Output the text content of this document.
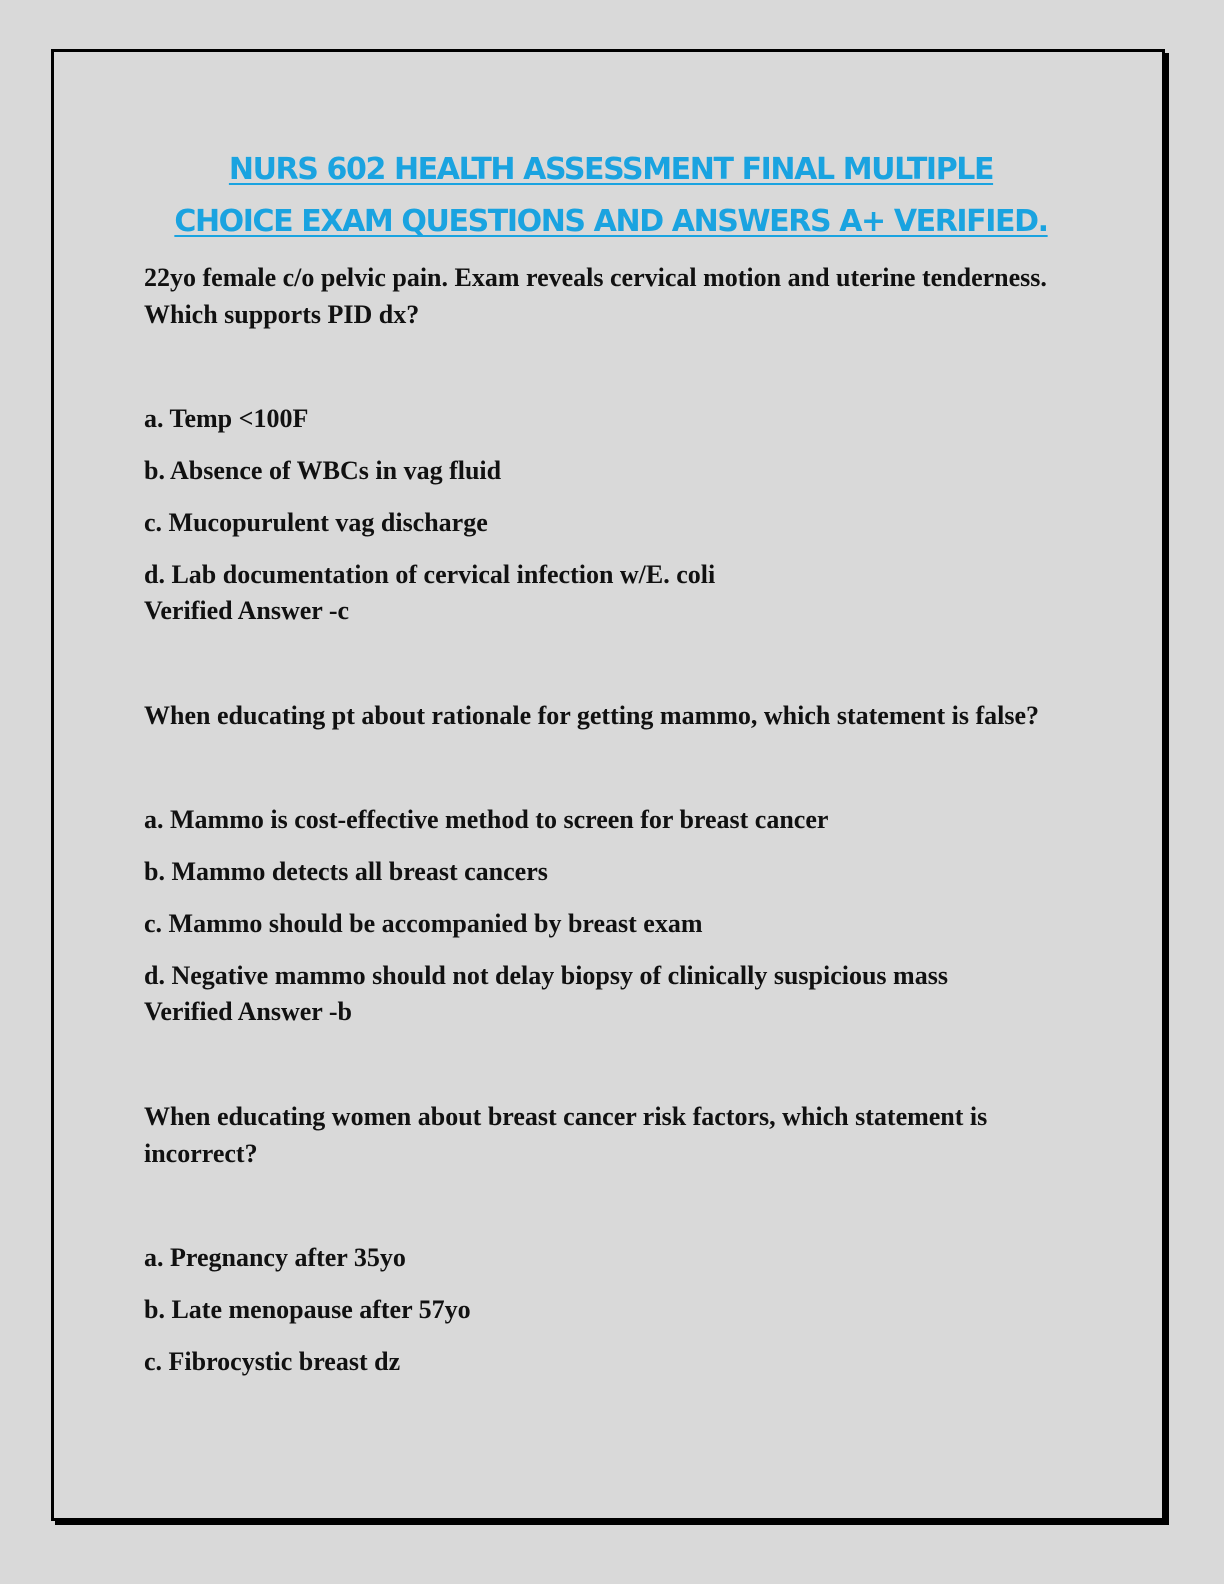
NURS 602 HEALTH ASSESSMENT FINAL MULTIPLE
CHOICE EXAM QUESTIONS AND ANSWERS A+ VERIFIED.

22yo female c/o pelvic pain. Exam reveals cervical motion and uterine tenderness. Which supports PID dx?

a. Temp <100F

b. Absence of WBCs in vag fluid

c. Mucopurulent vag discharge

d. Lab documentation of cervical infection w/E. coli

Verified Answer -c

When educating pt about rationale for getting mammo, which statement is false?

a. Mammo is cost-effective method to screen for breast cancer

b. Mammo detects all breast cancers

c. Mammo should be accompanied by breast exam

d. Negative mammo should not delay biopsy of clinically suspicious mass

Verified Answer -b

When educating women about breast cancer risk factors, which statement is incorrect?

a. Pregnancy after 35yo

b. Late menopause after 57yo

c. Fibrocystic breast dz
